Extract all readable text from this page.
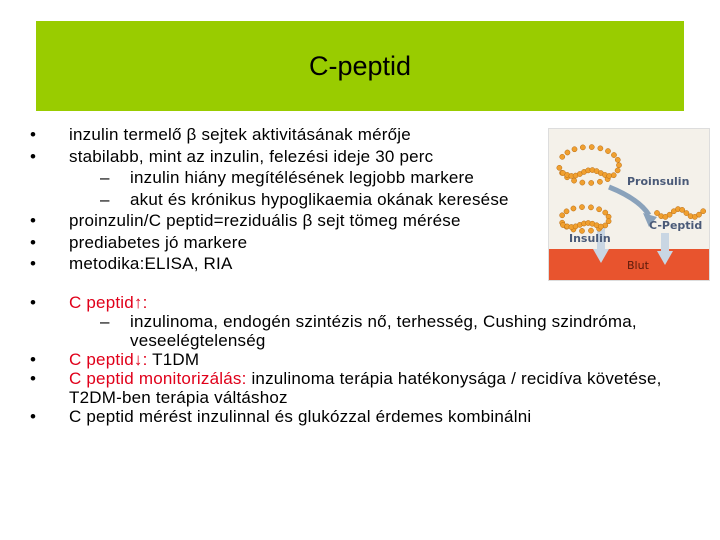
C-peptid
• inzulin termelő β sejtek aktivitásának mérője
• stabilabb, mint az inzulin, felezési ideje 30 perc
– inzulin hiány megítélésének legjobb markere
– akut és krónikus hypoglikaemia okának keresése
• proinzulin/C peptid=reziduális β sejt tömeg mérése
• prediabetes jó markere
• metodika:ELISA, RIA
• C peptid↑:
– inzulinoma, endogén szintézis nő, terhesség, Cushing szindróma, veseelégtelenség
• C peptid↓: T1DM
• C peptid monitorizálás: inzulinoma terápia hatékonysága / recidíva követése, T2DM-ben terápia váltáshoz
• C peptid mérést inzulinnal és glukózzal érdemes kombinálni
Blut
Proinsulin
Insulin
C-Peptid
